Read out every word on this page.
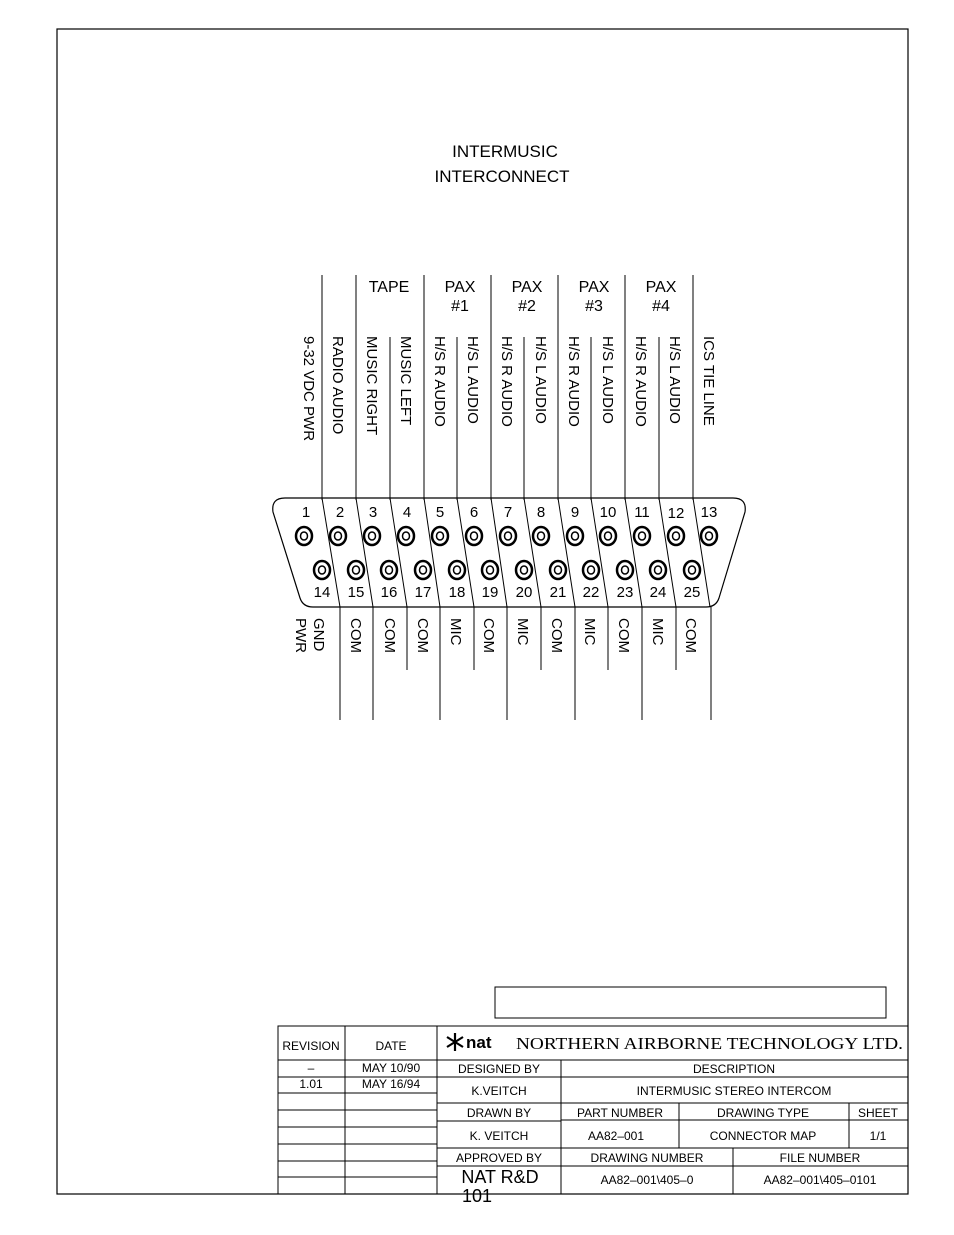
INTERMUSIC
INTERCONNECT
TAPE PAX
#1
PAX
#2
PAX
#3
PAX
#4
9-32 VDC PWR RADIO AUDIO MUSIC RIGHT MUSIC LEFT H/S R AUDIO H/S L AUDIO H/S R AUDIO H/S L AUDIO H/S R AUDIO H/S L AUDIO H/S R AUDIO H/S L AUDIO ICS TIE LINE
1 2 3 4 5 6 7 8 9 10 11 12 13
14 15 16 17 18 19 20 21 22 23 24 25
GND
PWR	COM COM COM MIC COM MIC COM MIC COM MIC COM
nat NORTHERN AIRBORNE TECHNOLOGY LTD.
REVISION	DATE
–	MAY 10/90
1.01	MAY 16/94
DESIGNED BY	DESCRIPTION
K.VEITCH	INTERMUSIC STEREO INTERCOM
DRAWN BY	PART NUMBER	DRAWING TYPE	SHEET
K. VEITCH	AA82–001	CONNECTOR MAP	1/1
APPROVED BY	DRAWING NUMBER	FILE NUMBER
NAT R&D	AA82–001\405–0	AA82–001\405–0101
101
